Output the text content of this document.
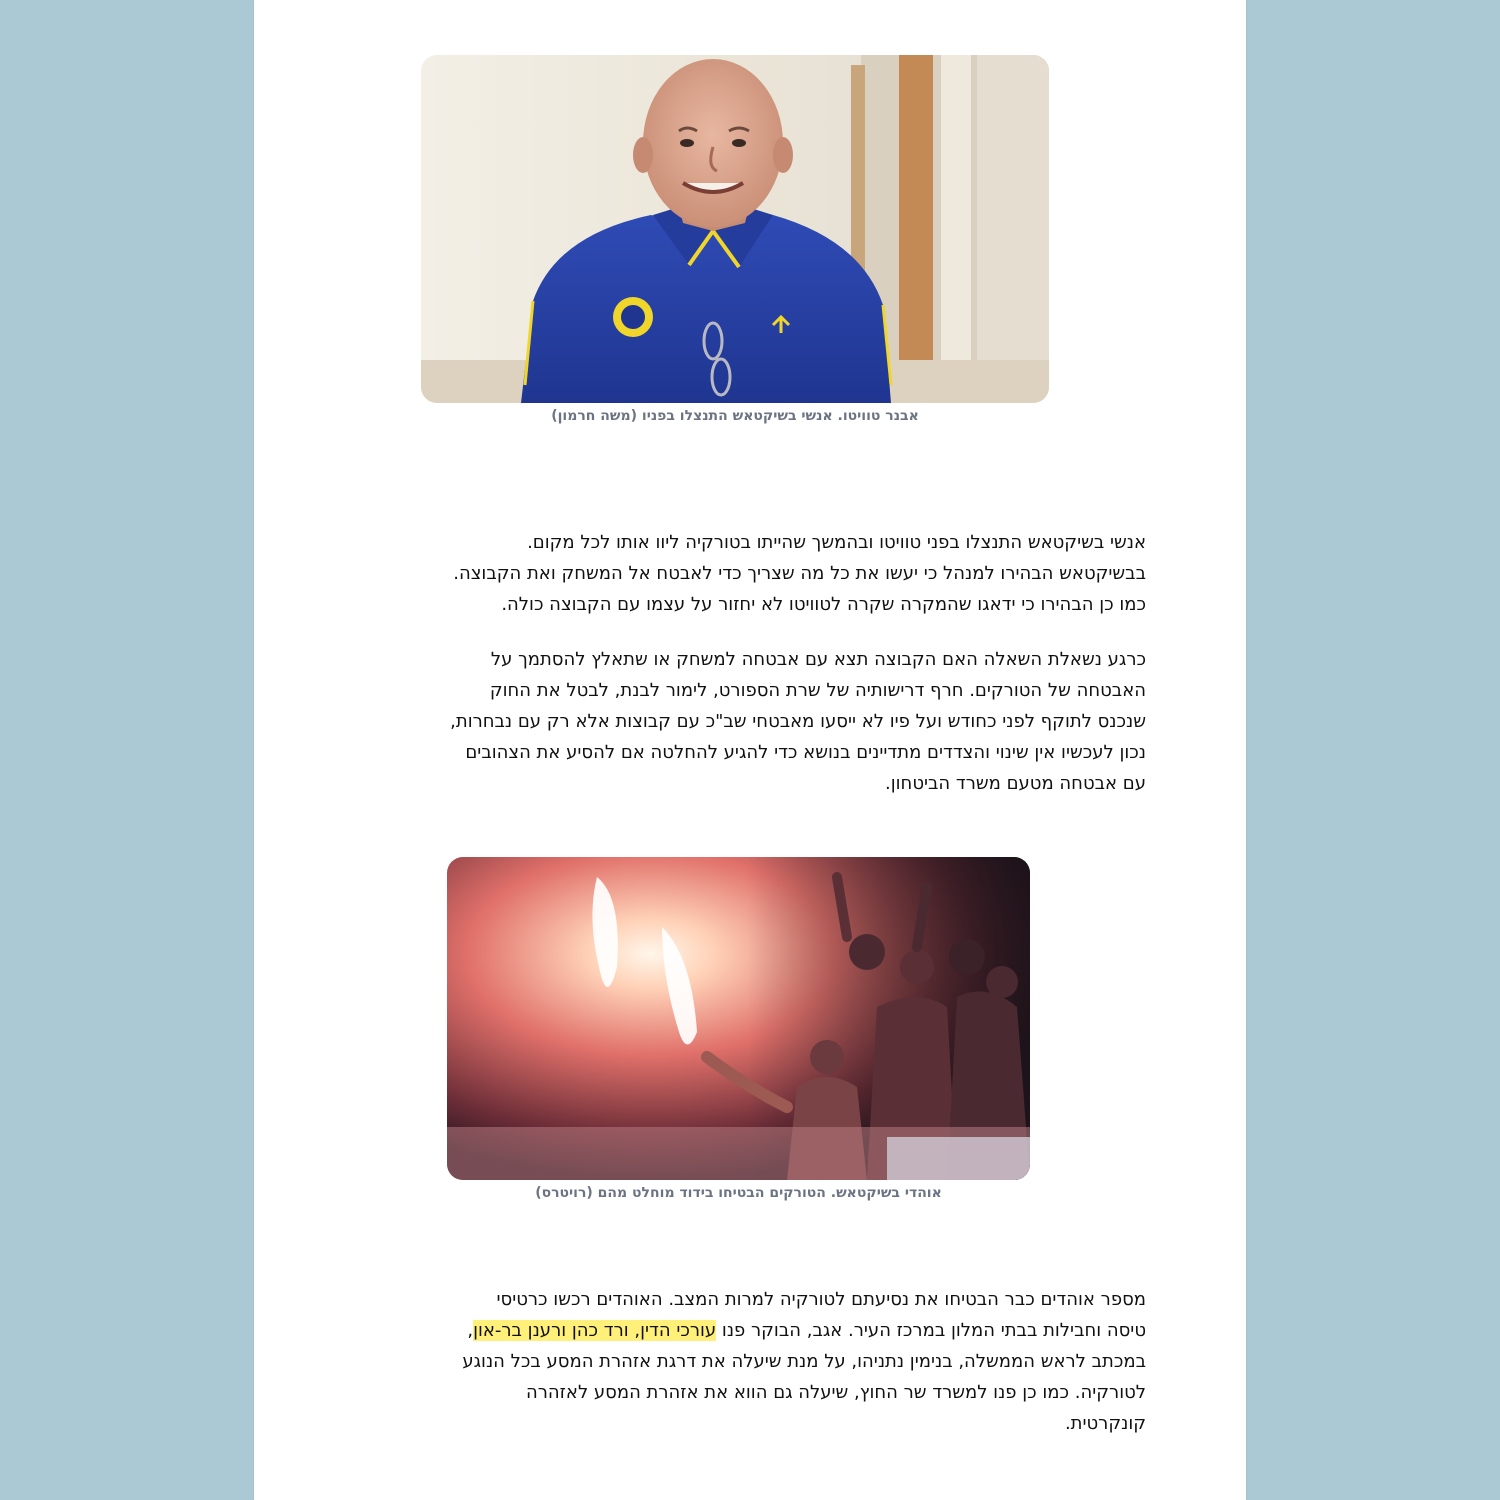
אבנר טוויטו. אנשי בשיקטאש התנצלו בפניו (משה חרמון)
אנשי בשיקטאש התנצלו בפני טוויטו ובהמשך שהייתו בטורקיה ליוו אותו לכל מקום.
בבשיקטאש הבהירו למנהל כי יעשו את כל מה שצריך כדי לאבטח אל המשחק ואת הקבוצה.
כמו כן הבהירו כי ידאגו שהמקרה שקרה לטוויטו לא יחזור על עצמו עם הקבוצה כולה.
כרגע נשאלת השאלה האם הקבוצה תצא עם אבטחה למשחק או שתאלץ להסתמך על
האבטחה של הטורקים. חרף דרישותיה של שרת הספורט, לימור לבנת, לבטל את החוק
שנכנס לתוקף לפני כחודש ועל פיו לא ייסעו מאבטחי שב"כ עם קבוצות אלא רק עם נבחרות,
נכון לעכשיו אין שינוי והצדדים מתדיינים בנושא כדי להגיע להחלטה אם להסיע את הצהובים
עם אבטחה מטעם משרד הביטחון.
אוהדי בשיקטאש. הטורקים הבטיחו בידוד מוחלט מהם (רויטרס)
מספר אוהדים כבר הבטיחו את נסיעתם לטורקיה למרות המצב. האוהדים רכשו כרטיסי
טיסה וחבילות בבתי המלון במרכז העיר. אגב, הבוקר פנו עורכי הדין, ורד כהן ורענן בר-און,
במכתב לראש הממשלה, בנימין נתניהו, על מנת שיעלה את דרגת אזהרת המסע בכל הנוגע
לטורקיה. כמו כן פנו למשרד שר החוץ, שיעלה גם הווא את אזהרת המסע לאזהרה
קונקרטית.
